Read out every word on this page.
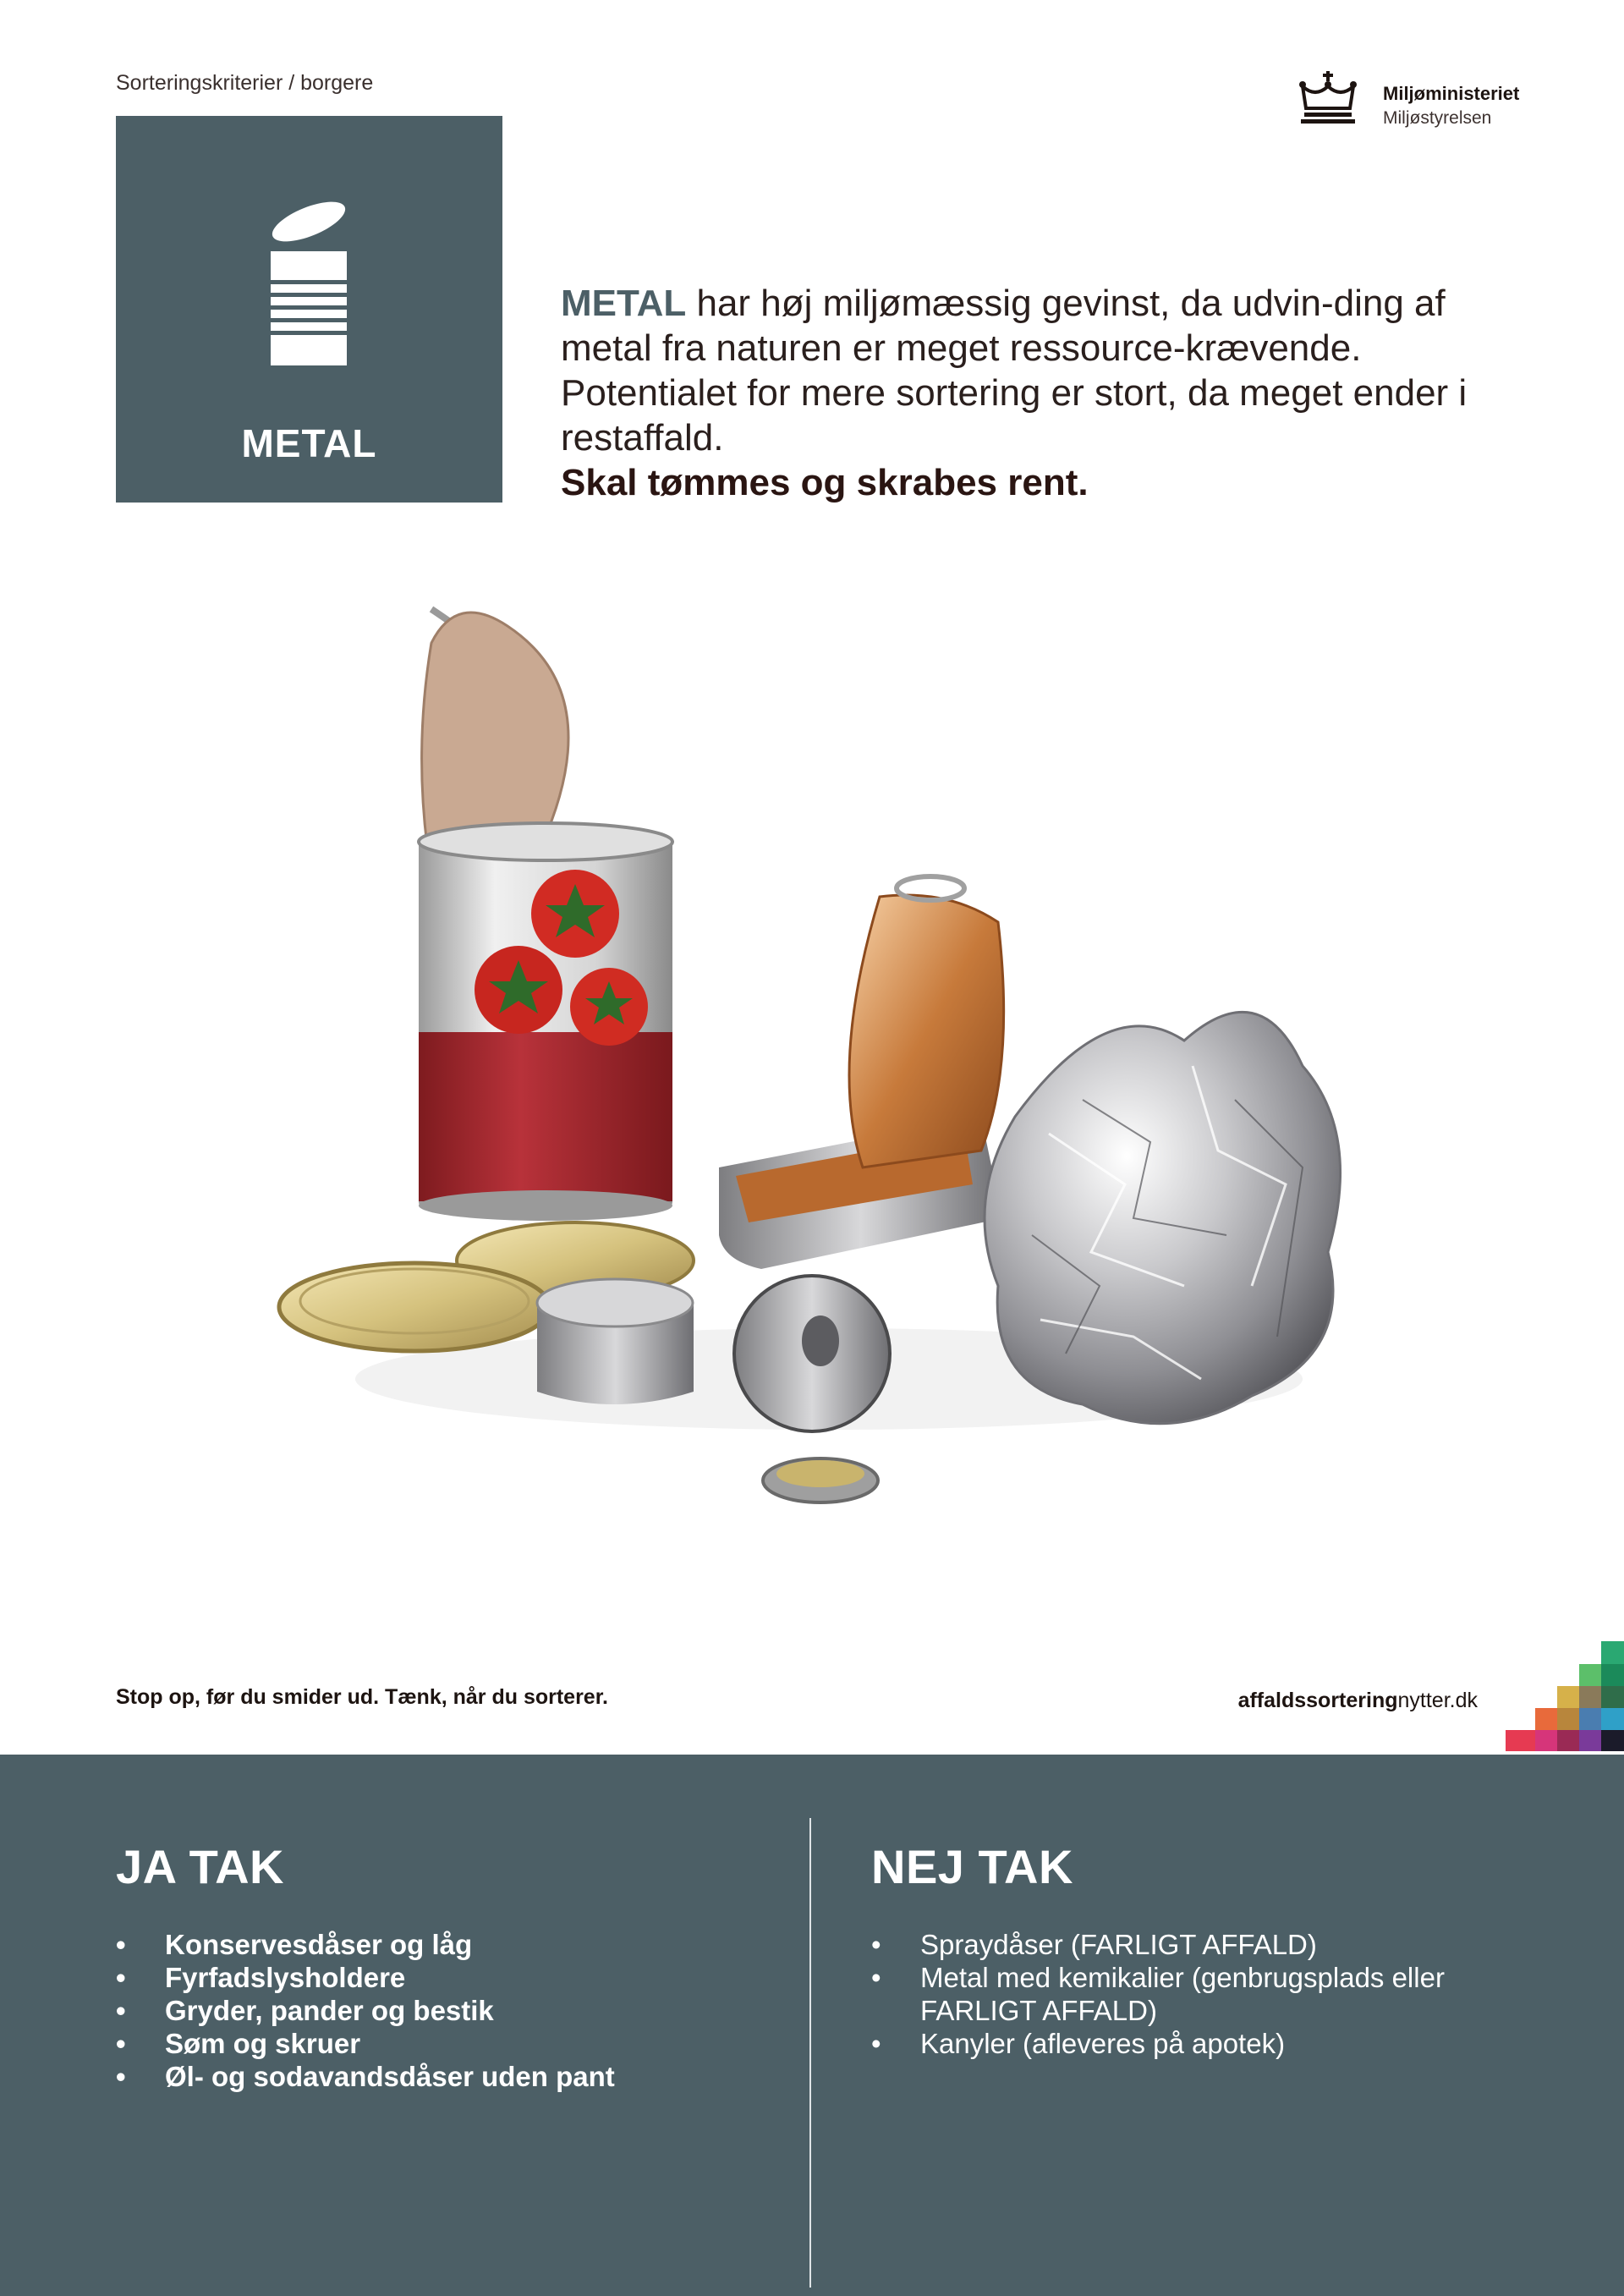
Sorteringskriterier / borgere
METAL
Miljøministeriet
Miljøstyrelsen
METAL har høj miljømæssig gevinst, da udvin-ding af metal fra naturen er meget ressource-krævende. Potentialet for mere sortering er stort, da meget ender i restaffald.
Skal tømmes og skrabes rent.
Stop op, før du smider ud. Tænk, når du sorterer.	affaldssorteringnytter.dk
JA TAK
• Konservesdåser og låg
• Fyrfadslysholdere
• Gryder, pander og bestik
• Søm og skruer
• Øl- og sodavandsdåser uden pant
NEJ TAK
• Spraydåser (FARLIGT AFFALD)
• Metal med kemikalier (genbrugsplads eller FARLIGT AFFALD)
• Kanyler (afleveres på apotek)
